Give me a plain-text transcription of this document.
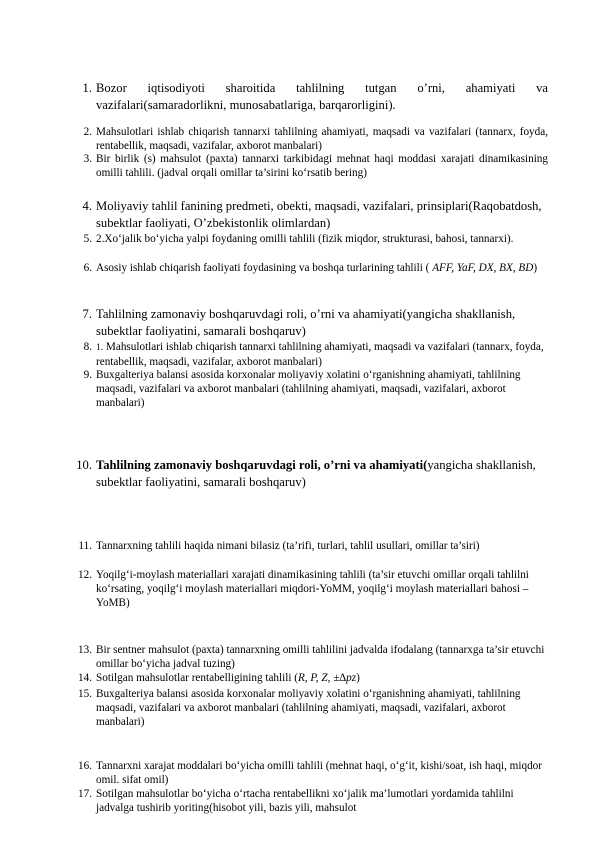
1. Bozor iqtisodiyoti sharoitida tahlilning tutgan o’rni, ahamiyati va vazifalari(samaradorlikni, munosabatlariga, barqarorligini).
2. Mahsulotlari ishlab chiqarish tannarxi tahlilning ahamiyati, maqsadi va vazifalari (tannarx, foyda, rentabellik, maqsadi, vazifalar, axborot manbalari)
3. Bir birlik (s) mahsulot (paxta) tannarxi tarkibidagi mehnat haqi moddasi xarajati dinamikasining omilli tahlili. (jadval orqali omillar ta’sirini ko‘rsatib bering)
4. Moliyaviy tahlil fanining predmeti, obekti, maqsadi, vazifalari, prinsiplari(Raqobatdosh, subektlar faoliyati, O’zbekistonlik olimlardan)
5. 2.Xo‘jalik bo‘yicha yalpi foydaning omilli tahlili (fizik miqdor, strukturasi, bahosi, tannarxi).
6. Asosiy ishlab chiqarish faoliyati foydasining va boshqa turlarining tahlili ( AFF, YaF, DX, BX, BD)
7. Tahlilning zamonaviy boshqaruvdagi roli, o’rni va ahamiyati(yangicha shakllanish, subektlar faoliyatini, samarali boshqaruv)
8. 1. Mahsulotlari ishlab chiqarish tannarxi tahlilning ahamiyati, maqsadi va vazifalari (tannarx, foyda, rentabellik, maqsadi, vazifalar, axborot manbalari)
9. Buxgalteriya balansi asosida korxonalar moliyaviy xolatini o‘rganishning ahamiyati, tahlilning maqsadi, vazifalari va axborot manbalari (tahlilning ahamiyati, maqsadi, vazifalari, axborot manbalari)
10. Tahlilning zamonaviy boshqaruvdagi roli, o’rni va ahamiyati(yangicha shakllanish, subektlar faoliyatini, samarali boshqaruv)
11. Tannarxning tahlili haqida nimani bilasiz (ta’rifi, turlari, tahlil usullari, omillar ta’siri)
12. Yoqilg‘i-moylash materiallari xarajati dinamikasining tahlili (ta’sir etuvchi omillar orqali tahlilni ko‘rsating, yoqilg‘i moylash materiallari miqdori-YoMM, yoqilg‘i moylash materiallari bahosi –YoMB)
13. Bir sentner mahsulot (paxta) tannarxning omilli tahlilini jadvalda ifodalang (tannarxga ta’sir etuvchi omillar bo‘yicha jadval tuzing)
14. Sotilgan mahsulotlar rentabelligining tahlili (R, P, Z, ±∆pz)
15. Buxgalteriya balansi asosida korxonalar moliyaviy xolatini o‘rganishning ahamiyati, tahlilning maqsadi, vazifalari va axborot manbalari (tahlilning ahamiyati, maqsadi, vazifalari, axborot manbalari)
16. Tannarxni xarajat moddalari bo‘yicha omilli tahlili (mehnat haqi, o‘g‘it, kishi/soat, ish haqi, miqdor omil. sifat omil)
17. Sotilgan mahsulotlar bo‘yicha o‘rtacha rentabellikni xo‘jalik ma’lumotlari yordamida tahlilni jadvalga tushirib yoriting(hisobot yili, bazis yili, mahsulot
